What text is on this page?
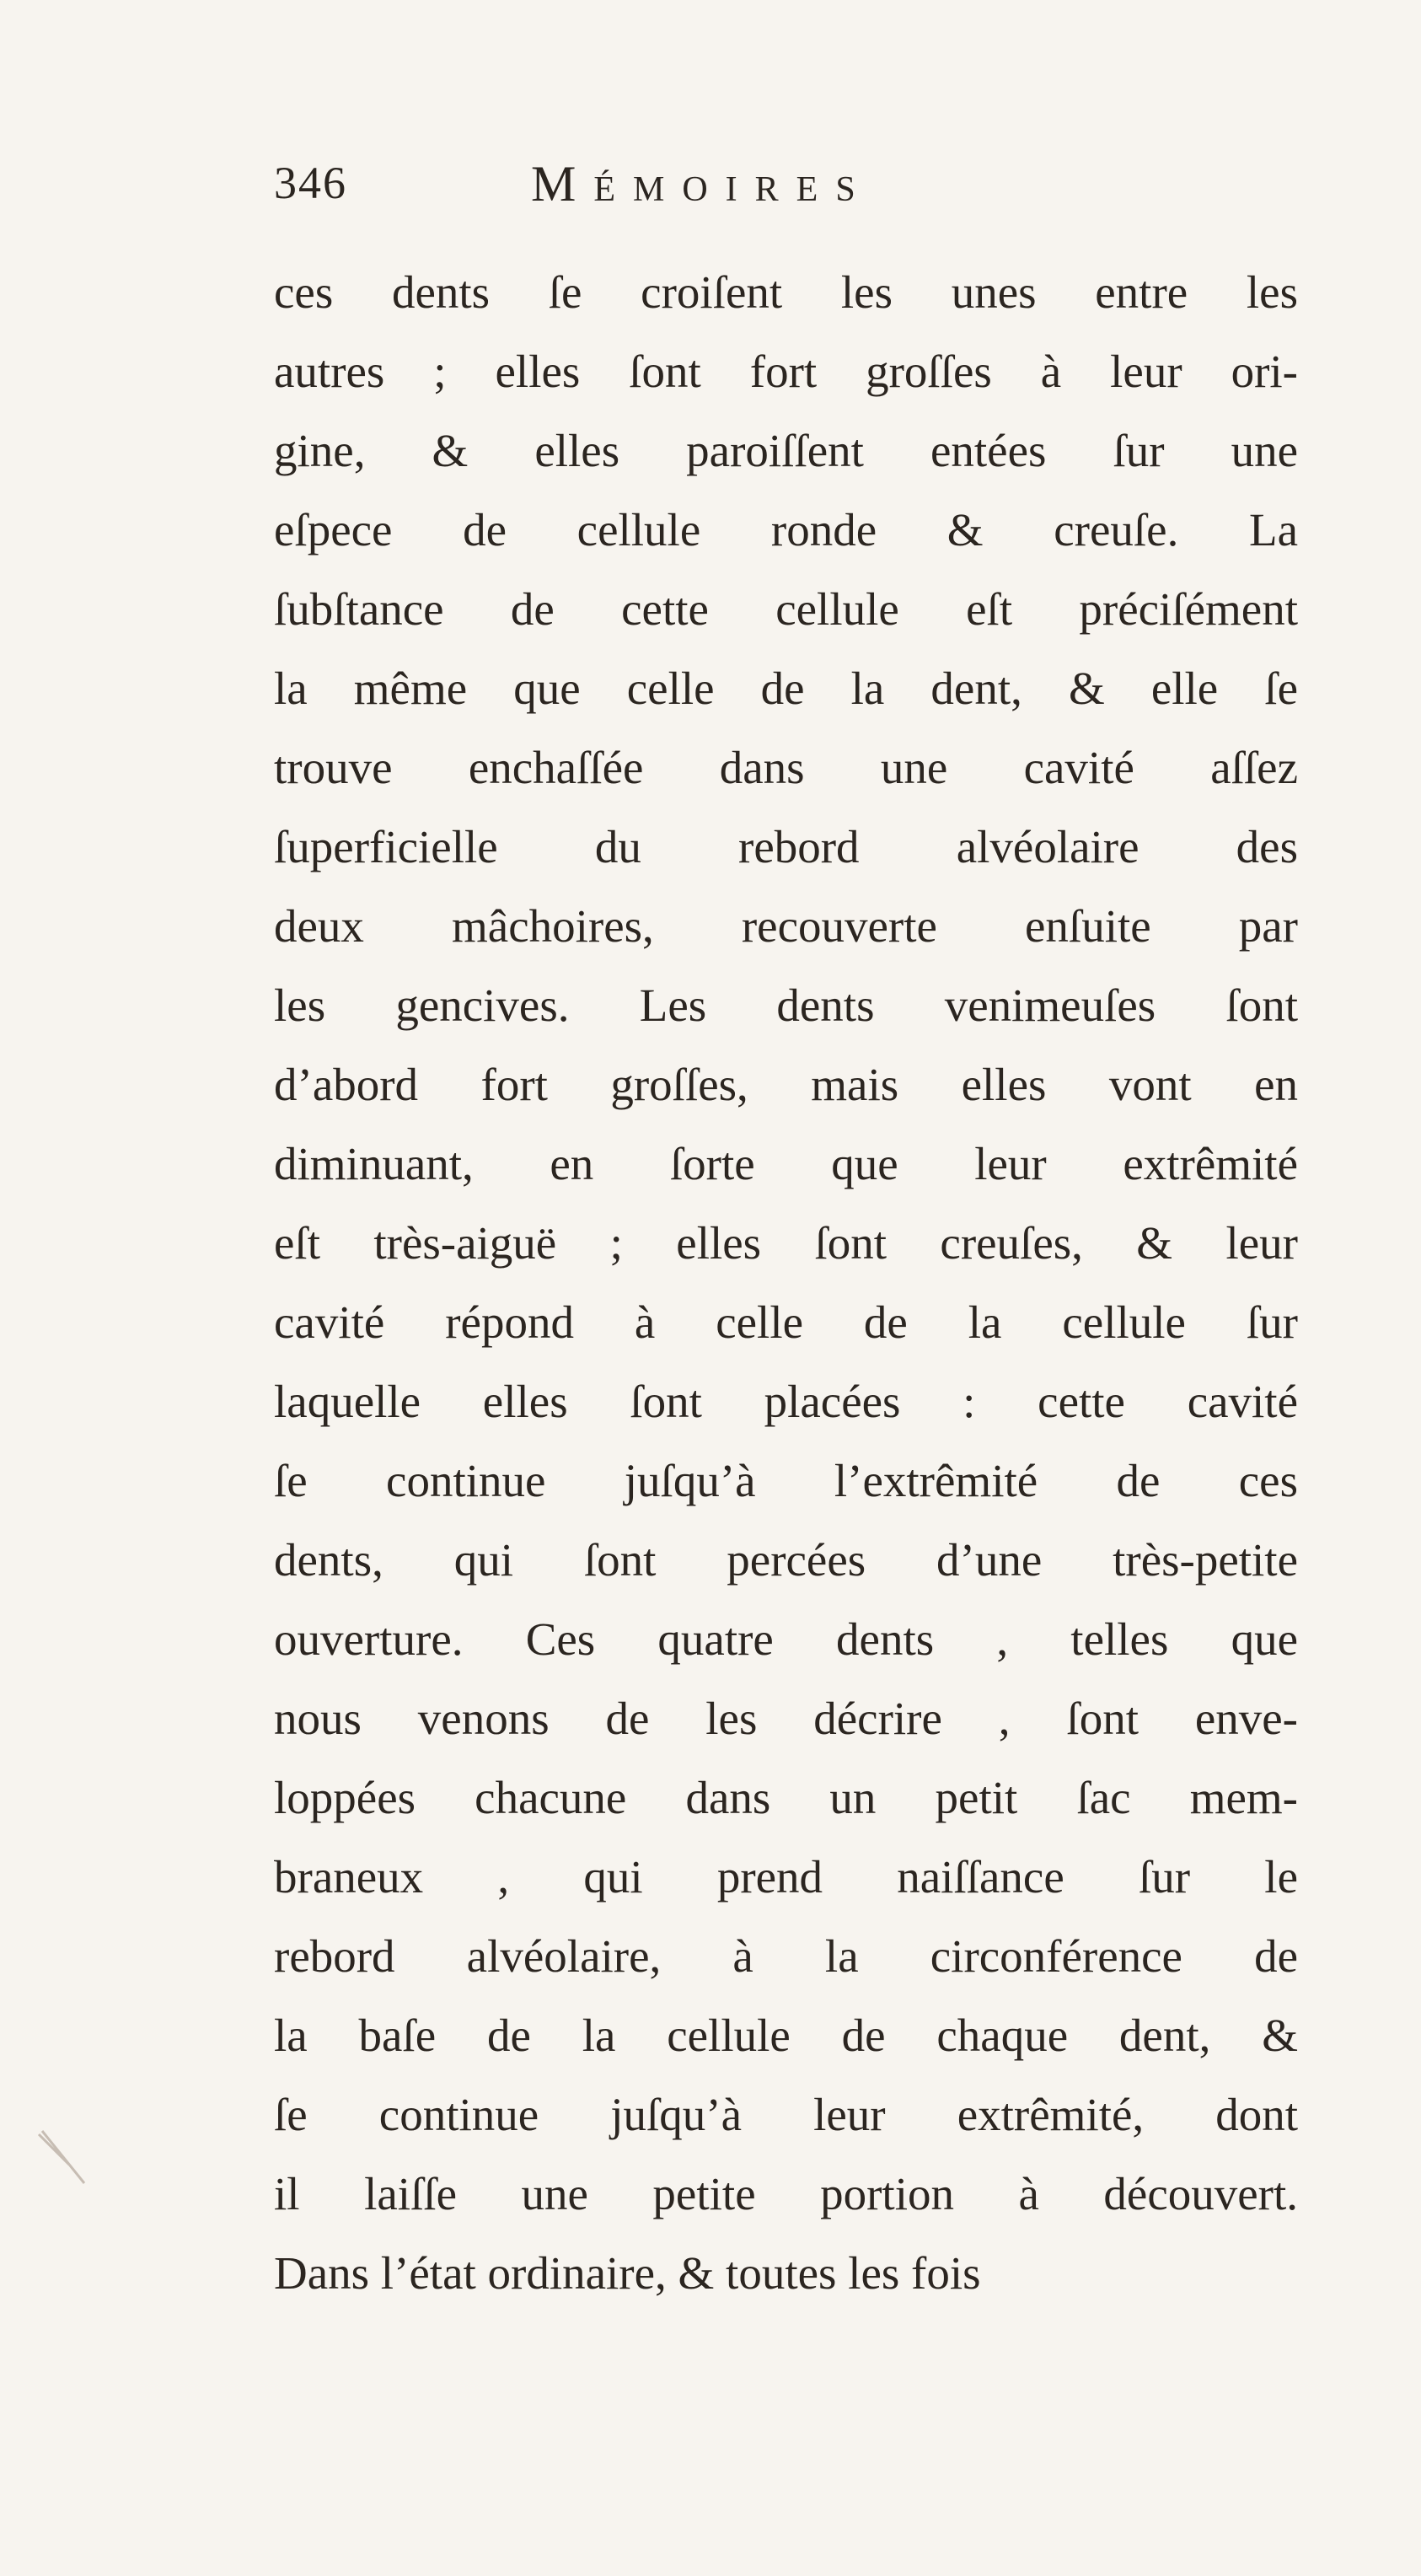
346	Mémoires
ces dents ſe croiſent les unes entre les
autres ; elles ſont fort groſſes à leur ori-
gine, & elles paroiſſent entées ſur une
eſpece de cellule ronde & creuſe. La
ſubſtance de cette cellule eſt préciſément
la même que celle de la dent, & elle ſe
trouve enchaſſée dans une cavité aſſez
ſuperficielle du rebord alvéolaire des
deux mâchoires, recouverte enſuite par
les gencives. Les dents venimeuſes ſont
d’abord fort groſſes, mais elles vont en
diminuant, en ſorte que leur extrêmité
eſt très-aiguë ; elles ſont creuſes, & leur
cavité répond à celle de la cellule ſur
laquelle elles ſont placées : cette cavité
ſe continue juſqu’à l’extrêmité de ces
dents, qui ſont percées d’une très-petite
ouverture. Ces quatre dents , telles que
nous venons de les décrire , ſont enve-
loppées chacune dans un petit ſac mem-
braneux , qui prend naiſſance ſur le
rebord alvéolaire, à la circonférence de
la baſe de la cellule de chaque dent, &
ſe continue juſqu’à leur extrêmité, dont
il laiſſe une petite portion à découvert.
Dans l’état ordinaire, & toutes les fois
